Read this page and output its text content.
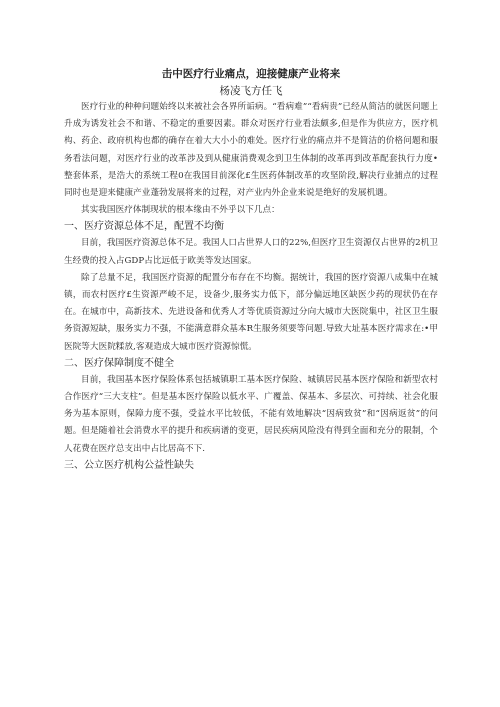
击中医疗行业痛点，迎接健康产业将来
杨凌飞方任飞

医疗行业的种种问题始终以来被社会各界所诟病。“看病难”“看病贵”已经从简洁的就医问题上升成为诱发社会不和谐、不稳定的重要因素。群众对医疗行业看法颇多,但是作为供应方，医疗机构、药企、政府机构也都的确存在着大大小小的难处。医疗行业的痛点并不是简洁的价格问题和服务看法问题，对医疗行业的改革涉及到从健康消费观念到卫生体制的改革再到改革配套执行力度•整套体系，是浩大的系统工程0在我国目前深化£生医药体制改革的攻坚阶段,解决行业捕点的过程同时也是迎来健康产业蓬勃发展将来的过程，对产业内外企业来说是绝好的发展机遇。

其实我国医疗体制现状的根本缘由不外乎以下几点：

一、医疗资源总体不足，配置不均衡

目前，我国医疗资源总体不足。我国人口占世界人口的22%,但医疗卫生资源仅占世界的2机卫生经费的投入占GDP占比远低于欧美等发达国家。

除了总量不足，我国医疗资源的配置分布存在不均衡。据统计，我国的医疗资源八成集中在城镇，而农村医疗£生资源严峻不足，设备少,服务实力低下，部分偏远地区缺医少药的现状仍在存在。在城市中，高新技术、先进设备和优秀人才等优质资源过分向大城市大医院集中，社区卫生服务资源短缺，服务实力不强，不能满意群众基本R生服务须要等问题.导致大址基本医疗需求在:•甲医院等大医院糅放,客观造成大城市医疗资源惊慌。

二、医疗保障制度不健全

目前，我国基本医疗保险体系包括城镇职工基本医疗保险、城镇居民基本医疗保险和新型农村合作医疗“三大支柱”。但是基本医疗保险以低水平、广覆盖、保基本、多层次、可持续、社会化服务为基本原则，保障力度不强，受益水平比较低，不能有效地解决“因病致贫”和“因病返贫”的问题。但是随着社会消费水平的提升和疾病谱的变更，居民疾病风险没有得到全面和充分的限制，个人花费在医疗总支出中占比居高不下.

三、公立医疗机构公益性缺失
